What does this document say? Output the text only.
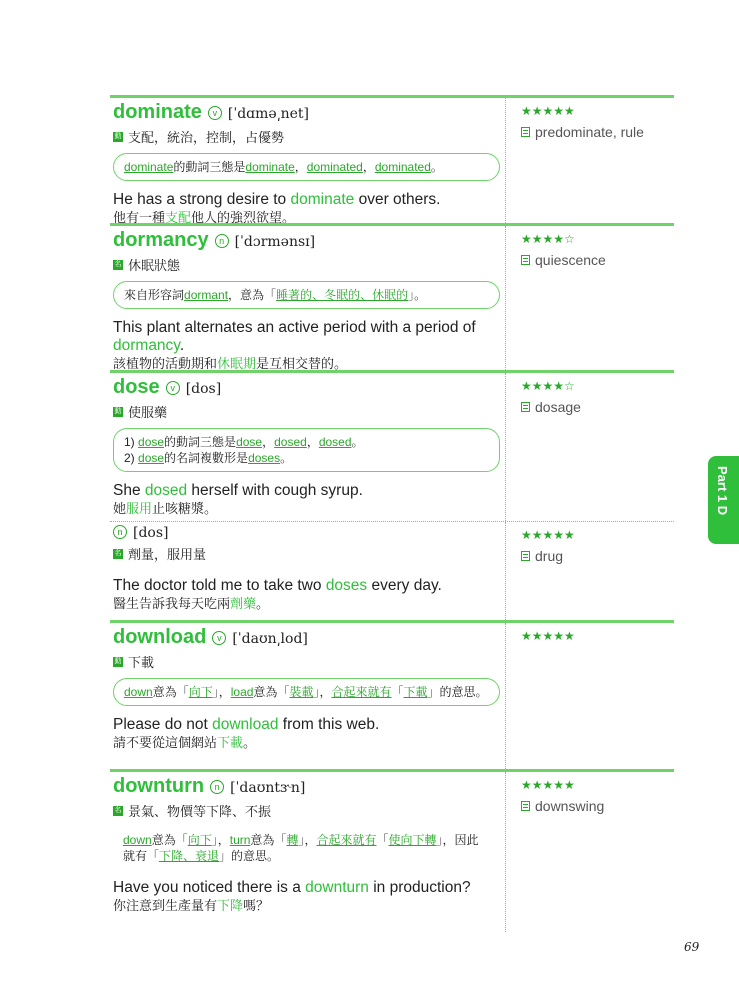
dominate	v [ˈdɑmə͵net]
動 支配，統治，控制，占優勢
dominate的動詞三態是dominate，dominated，dominated。
He has a strong desire to dominate over others.
他有一種支配他人的強烈欲望。
★★★★★
predominate, rule
dormancy	n [ˈdɔrmənsɪ]
名 休眠狀態
來自形容詞dormant，意為「睡著的、冬眠的、休眠的」。
This plant alternates an active period with a period of dormancy.
該植物的活動期和休眠期是互相交替的。
★★★★☆
quiescence
dose	v [dos]
動 使服藥
1) dose的動詞三態是dose，dosed，dosed。
2) dose的名詞複數形是doses。
She dosed herself with cough syrup.
她服用止咳糖漿。
★★★★☆
dosage
n [dos]
名 劑量，服用量
The doctor told me to take two doses every day.
醫生告訴我每天吃兩劑藥。
★★★★★
drug
download	v [ˈdaʊn͵lod]
動 下載
down意為「向下」，load意為「裝載」，合起來就有「下載」的意思。
Please do not download from this web.
請不要從這個網站下載。
★★★★★
downturn	n [ˈdaʊntɝn]
名 景氣、物價等下降、不振
down意為「向下」，turn意為「轉」，合起來就有「使向下轉」，因此就有「下降、衰退」的意思。
Have you noticed there is a downturn in production?
你注意到生產量有下降嗎？
★★★★★
downswing
Part 1 D
69
